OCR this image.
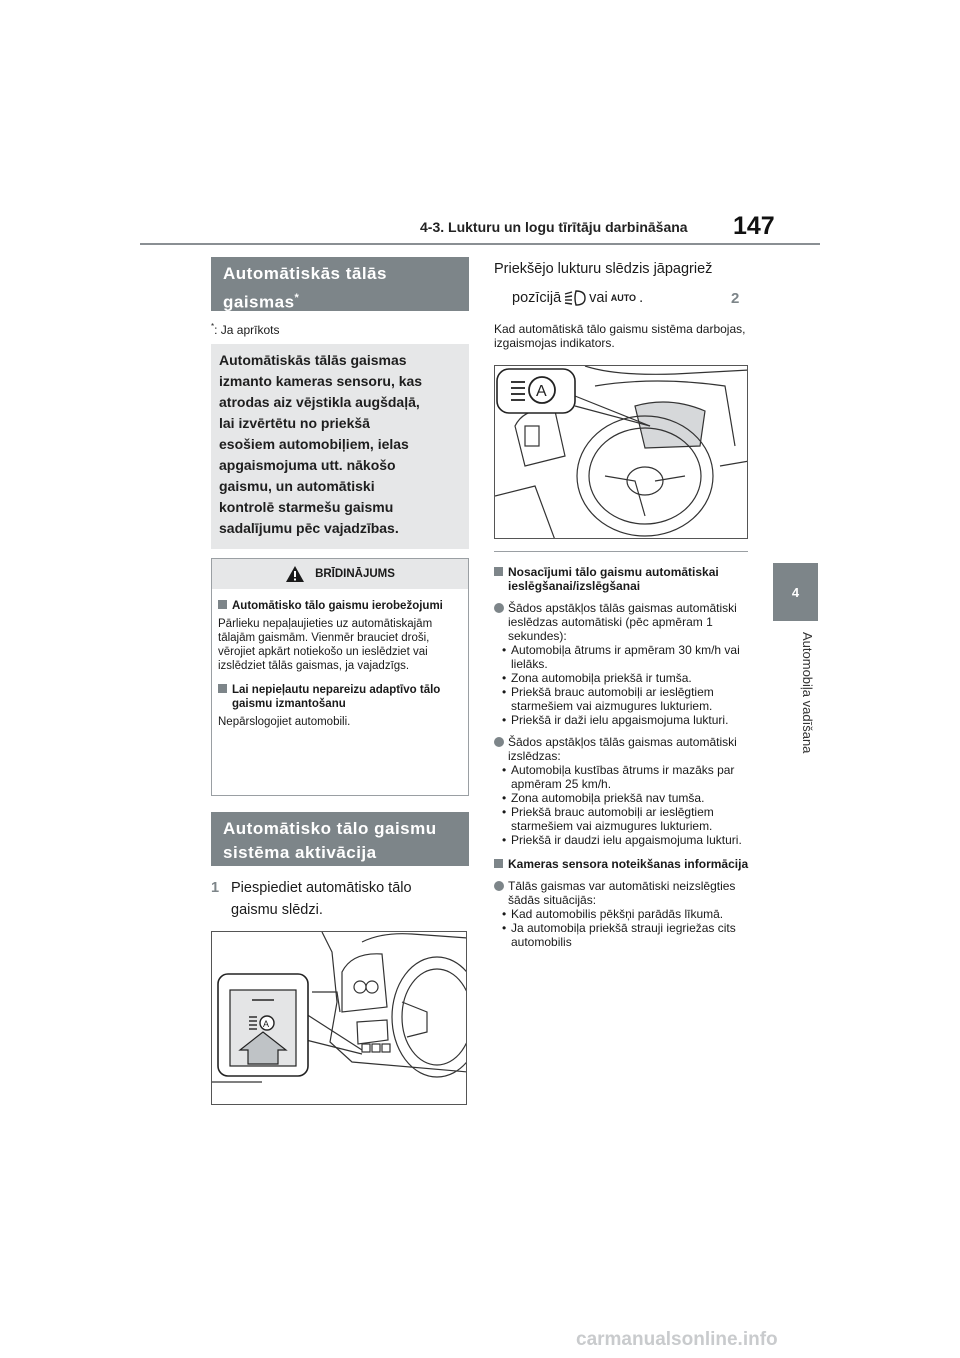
4-3. Lukturu un logu tīrītāju darbināšana 147
4
Automobiļa vadīšana
Automātiskās tālās
gaismas*
*: Ja aprīkots
Automātiskās tālās gaismas
izmanto kameras sensoru, kas
atrodas aiz vējstikla augšdaļā,
lai izvērtētu no priekšā
esošiem automobiļiem, ielas
apgaismojuma utt. nākošo
gaismu, un automātiski
kontrolē starmešu gaismu
sadalījumu pēc vajadzības.
BRĪDINĀJUMS
Automātisko tālo gaismu ierobežojumi
Pārlieku nepaļaujieties uz automātiskajām tālajām gaismām. Vienmēr brauciet droši, vērojiet apkārt notiekošo un ieslēdziet vai izslēdziet tālās gaismas, ja vajadzīgs.
Lai nepieļautu nepareizu adaptīvo tālo gaismu izmantošanu
Nepārslogojiet automobili.
Automātisko tālo gaismu
sistēma aktivācija
1 Piespiediet automātisko tālo
gaismu slēdzi.
A
Priekšējo lukturu slēdzis jāpagriež
pozīcijā vai AUTO .	2
Kad automātiskā tālo gaismu sistēma darbojas, izgaismojas indikators.
A
Nosacījumi tālo gaismu automātiskai ieslēgšanai/izslēgšanai
Šādos apstākļos tālās gaismas automātiski ieslēdzas automātiski (pēc apmēram 1 sekundes):
• Automobiļa ātrums ir apmēram 30 km/h vai lielāks.
• Zona automobiļa priekšā ir tumša.
• Priekšā brauc automobiļi ar ieslēgtiem starmešiem vai aizmugures lukturiem.
• Priekšā ir daži ielu apgaismojuma lukturi.
Šādos apstākļos tālās gaismas automātiski izslēdzas:
• Automobiļa kustības ātrums ir mazāks par apmēram 25 km/h.
• Zona automobiļa priekšā nav tumša.
• Priekšā brauc automobiļi ar ieslēgtiem starmešiem vai aizmugures lukturiem.
• Priekšā ir daudzi ielu apgaismojuma lukturi.
Kameras sensora noteikšanas informācija
Tālās gaismas var automātiski neizslēgties šādās situācijās:
• Kad automobilis pēkšņi parādās līkumā.
• Ja automobiļa priekšā strauji iegriežas cits automobilis
carmanualsonline.info
